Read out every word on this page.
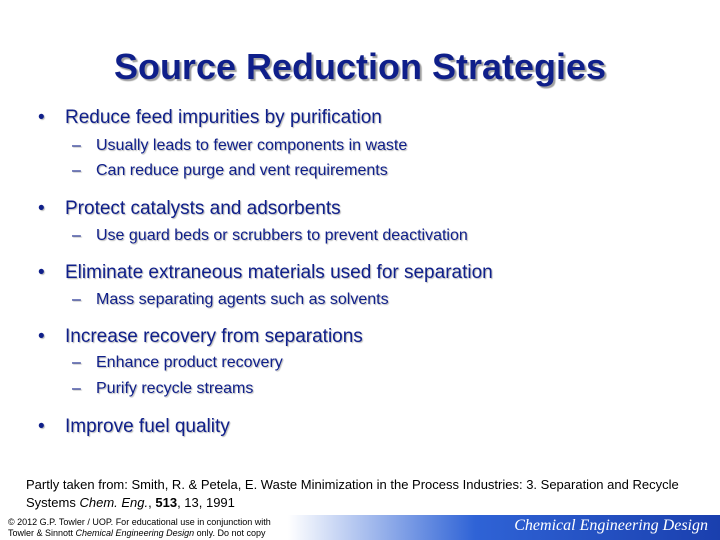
Source Reduction Strategies
• Reduce feed impurities by purification
– Usually leads to fewer components in waste
– Can reduce purge and vent requirements
• Protect catalysts and adsorbents
– Use guard beds or scrubbers to prevent deactivation
• Eliminate extraneous materials used for separation
– Mass separating agents such as solvents
• Increase recovery from separations
– Enhance product recovery
– Purify recycle streams
• Improve fuel quality
Partly taken from: Smith, R. & Petela, E. Waste Minimization in the Process Industries: 3. Separation and Recycle Systems Chem. Eng., 513, 13, 1991
© 2012 G.P. Towler / UOP. For educational use in conjunction with
Towler & Sinnott Chemical Engineering Design only. Do not copy	Chemical Engineering Design
